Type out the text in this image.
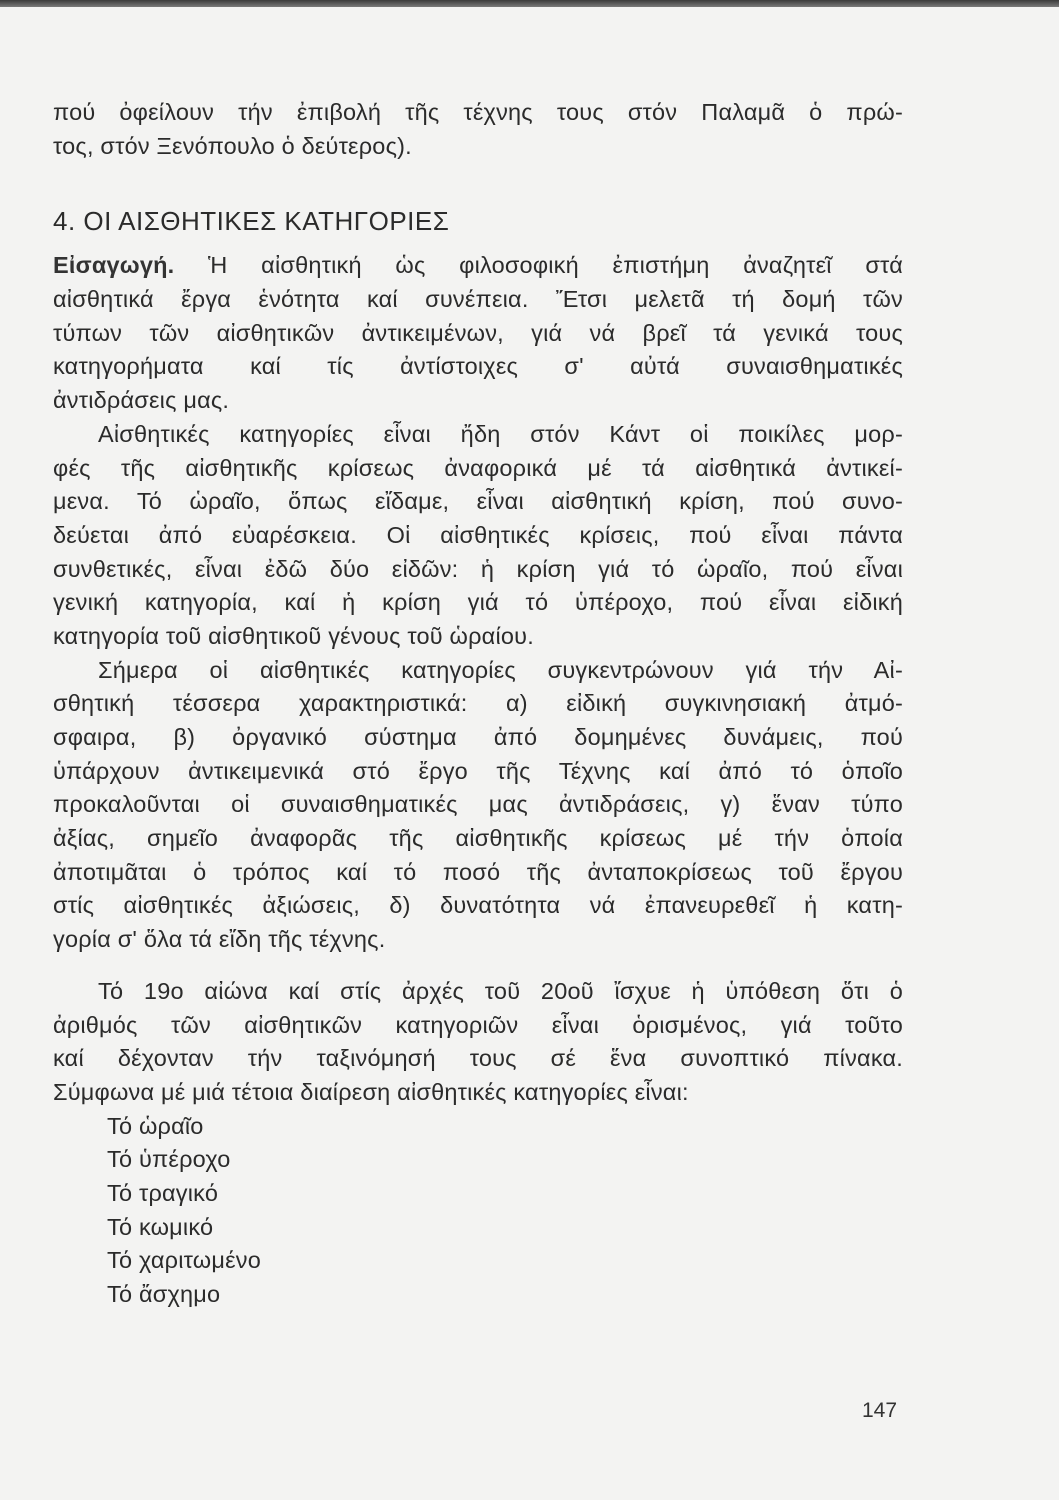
πού ὀφείλουν τήν ἐπιβολή τῆς τέχνης τους στόν Παλαμᾶ ὁ πρώ-
τος, στόν Ξενόπουλο ὁ δεύτερος).
4. ΟΙ ΑΙΣΘΗΤΙΚΕΣ ΚΑΤΗΓΟΡΙΕΣ
Εἰσαγωγή. Ἡ αἰσθητική ὡς φιλοσοφική ἐπιστήμη ἀναζητεῖ στά
αἰσθητικά ἔργα ἑνότητα καί συνέπεια. Ἔτσι μελετᾶ τή δομή τῶν
τύπων τῶν αἰσθητικῶν ἀντικειμένων, γιά νά βρεῖ τά γενικά τους
κατηγορήματα καί τίς ἀντίστοιχες σ' αὐτά συναισθηματικές
ἀντιδράσεις μας.
Αἰσθητικές κατηγορίες εἶναι ἤδη στόν Κάντ οἱ ποικίλες μορ-
φές τῆς αἰσθητικῆς κρίσεως ἀναφορικά μέ τά αἰσθητικά ἀντικεί-
μενα. Τό ὡραῖο, ὅπως εἴδαμε, εἶναι αἰσθητική κρίση, πού συνο-
δεύεται ἀπό εὐαρέσκεια. Οἱ αἰσθητικές κρίσεις, πού εἶναι πάντα
συνθετικές, εἶναι ἐδῶ δύο εἰδῶν: ἡ κρίση γιά τό ὡραῖο, πού εἶναι
γενική κατηγορία, καί ἡ κρίση γιά τό ὑπέροχο, πού εἶναι εἰδική
κατηγορία τοῦ αἰσθητικοῦ γένους τοῦ ὡραίου.
Σήμερα οἱ αἰσθητικές κατηγορίες συγκεντρώνουν γιά τήν Αἰ-
σθητική τέσσερα χαρακτηριστικά: α) εἰδική συγκινησιακή ἀτμό-
σφαιρα, β) ὀργανικό σύστημα ἀπό δομημένες δυνάμεις, πού
ὑπάρχουν ἀντικειμενικά στό ἔργο τῆς Τέχνης καί ἀπό τό ὁποῖο
προκαλοῦνται οἱ συναισθηματικές μας ἀντιδράσεις, γ) ἕναν τύπο
ἀξίας, σημεῖο ἀναφορᾶς τῆς αἰσθητικῆς κρίσεως μέ τήν ὁποία
ἀποτιμᾶται ὁ τρόπος καί τό ποσό τῆς ἀνταποκρίσεως τοῦ ἔργου
στίς αἰσθητικές ἀξιώσεις, δ) δυνατότητα νά ἐπανευρεθεῖ ἡ κατη-
γορία σ' ὅλα τά εἴδη τῆς τέχνης.
Τό 19ο αἰώνα καί στίς ἀρχές τοῦ 20οῦ ἴσχυε ἡ ὑπόθεση ὅτι ὁ
ἀριθμός τῶν αἰσθητικῶν κατηγοριῶν εἶναι ὁρισμένος, γιά τοῦτο
καί δέχονταν τήν ταξινόμησή τους σέ ἕνα συνοπτικό πίνακα.
Σύμφωνα μέ μιά τέτοια διαίρεση αἰσθητικές κατηγορίες εἶναι:
Τό ὡραῖο
Τό ὑπέροχο
Τό τραγικό
Τό κωμικό
Τό χαριτωμένο
Τό ἄσχημο
147
